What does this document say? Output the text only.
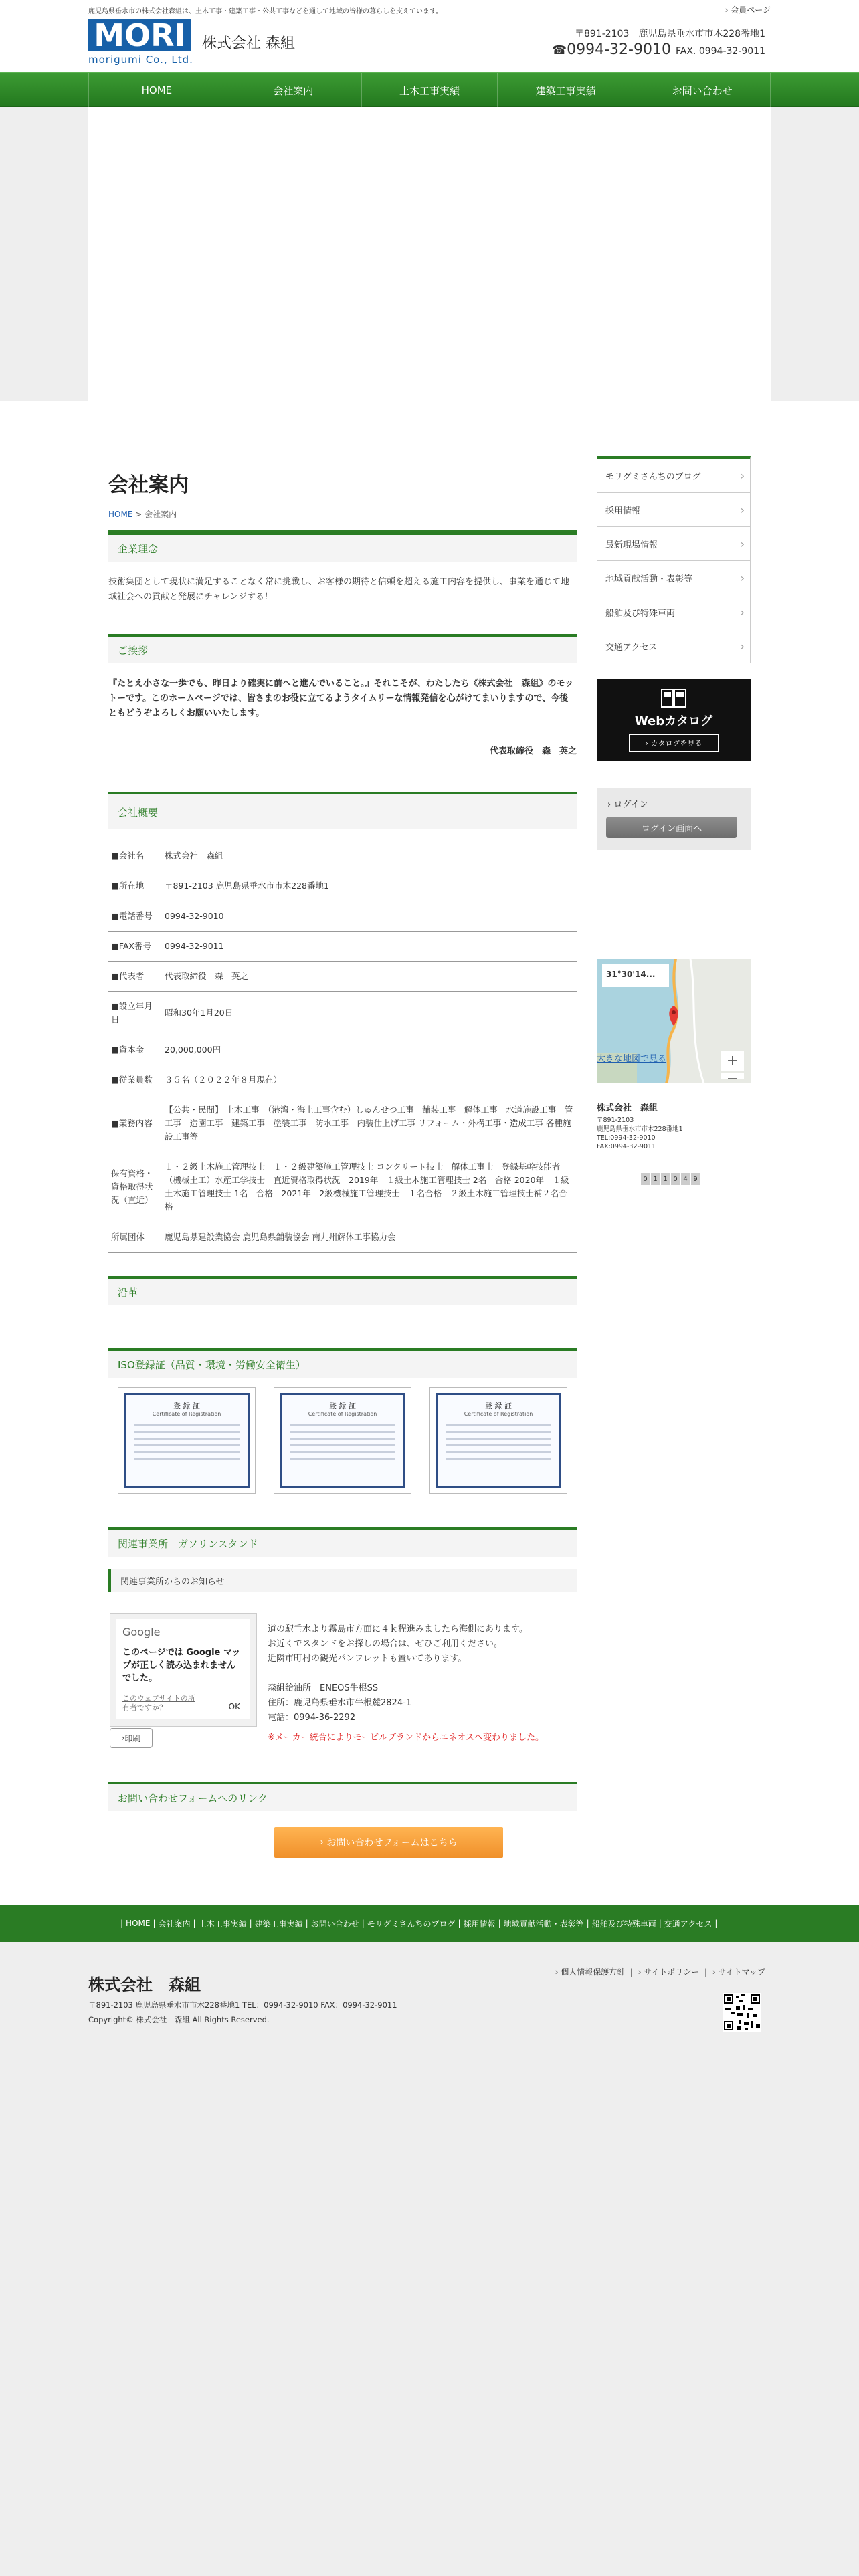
鹿児島県垂水市の株式会社森組は、土木工事・建築工事・公共工事などを通して地域の皆様の暮らしを支えています。	› 会員ページ
MORI
morigumi Co., Ltd.
株式会社 森組
〒891-2103　鹿児島県垂水市市木228番地1
☎0994-32-9010 FAX. 0994-32-9011
HOME	会社案内	土木工事実績	建築工事実績	お問い合わせ
会社案内
HOME > 会社案内
企業理念
技術集団として現状に満足することなく常に挑戦し、お客様の期待と信頼を超える施工内容を提供し、事業を通じて地域社会への貢献と発展にチャレンジする！
ご挨拶
『たとえ小さな一歩でも、昨日より確実に前へと進んでいること。』それこそが、わたしたち《株式会社　森組》のモットーです。このホームページでは、皆さまのお役に立てるようタイムリーな情報発信を心がけてまいりますので、今後ともどうぞよろしくお願いいたします。
代表取締役　森　英之
会社概要
■会社名	株式会社　森組
■所在地	〒891-2103 鹿児島県垂水市市木228番地1
■電話番号	0994-32-9010
■FAX番号	0994-32-9011
■代表者	代表取締役　森　英之
■設立年月日	昭和30年1月20日
■資本金	20,000,000円
■従業員数	３５名（２０２２年８月現在）
■業務内容	【公共・民間】 土木工事　（港湾・海上工事含む）しゅんせつ工事　舗装工事　解体工事　水道施設工事　管工事　造園工事　建築工事　塗装工事　防水工事　内装仕上げ工事 リフォーム・外構工事・造成工事 各種施設工事等
保有資格・資格取得状況（直近）	１・２級土木施工管理技士　１・２級建築施工管理技士 コンクリート技士　解体工事士　登録基幹技能者（機械土工）水産工学技士　直近資格取得状況　2019年　１級土木施工管理技士 2名　合格 2020年　１級土木施工管理技士 1名　合格　2021年　2級機械施工管理技士　１名合格　２級土木施工管理技士補２名合格
所属団体	鹿児島県建設業協会 鹿児島県舗装協会 南九州解体工事協力会
沿革
ISO登録証（品質・環境・労働安全衛生）
登 録 証
Certificate of Registration
登 録 証
Certificate of Registration
登 録 証
Certificate of Registration
関連事業所　ガソリンスタンド
関連事業所からのお知らせ
Google
このページでは Google マップが正しく読み込まれませんでした。
このウェブサイトの所有者ですか？	OK
道の駅垂水より霧島市方面に４ｋ程進みましたら海側にあります。
お近くでスタンドをお探しの場合は、ぜひご利用ください。
近隣市町村の観光パンフレットも置いてあります。
森組給油所　ENEOS牛根SS
住所：鹿児島県垂水市牛根麓2824-1
電話：0994-36-2292
※メーカー統合によりモービルブランドからエネオスへ変わりました。
› 印刷
お問い合わせフォームへのリンク
› お問い合わせフォームはこちら
モリグミさんちのブログ ›
採用情報 ›
最新現場情報 ›
地域貢献活動・表彰等 ›
船舶及び特殊車両 ›
交通アクセス ›
Webカタログ
› カタログを見る
› ログイン
ログイン画面へ
+
−
31°30'14...
大きな地図で見る
株式会社　森組
〒891-2103
鹿児島県垂水市市木228番地1
TEL:0994-32-9010
FAX:0994-32-9011
0 1 1 0 4 9
| HOME | 会社案内 | 土木工事実績 | 建築工事実績 | お問い合わせ | モリグミさんちのブログ | 採用情報 | 地域貢献活動・表彰等 | 船舶及び特殊車両 | 交通アクセス |
› 個人情報保護方針  |  › サイトポリシー  |  › サイトマップ
株式会社　森組
〒891-2103 鹿児島県垂水市市木228番地1 TEL：0994-32-9010 FAX：0994-32-9011
Copyright© 株式会社　森組 All Rights Reserved.
